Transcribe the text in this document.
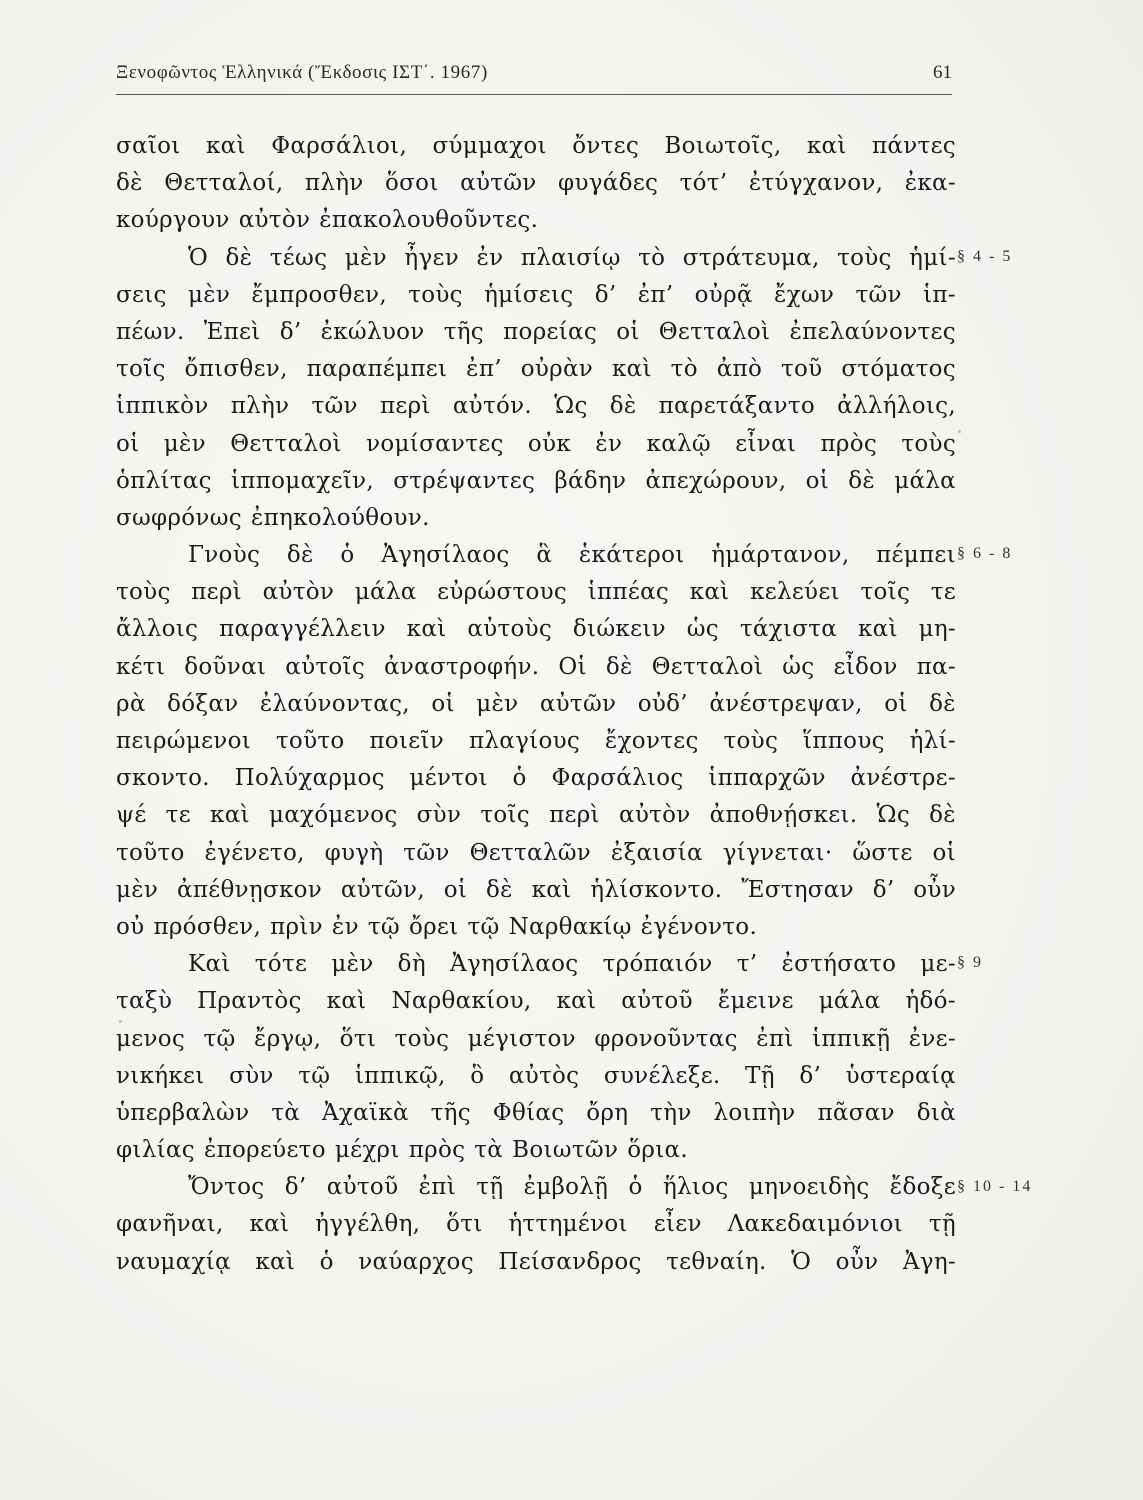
Ξενοφῶντος Ἑλληνικά (Ἔκδοσις ΙΣΤ΄. 1967)	61
σαῖοι καὶ Φαρσάλιοι, σύμμαχοι ὄντες Βοιωτοῖς, καὶ πάντες
δὲ Θετταλοί, πλὴν ὅσοι αὐτῶν φυγάδες τότ’ ἐτύγχανον, ἐκα-
κούργουν αὐτὸν ἐπακολουθοῦντες.
Ὁ δὲ τέως μὲν ἦγεν ἐν πλαισίῳ τὸ στράτευμα, τοὺς ἡμί-
σεις μὲν ἔμπροσθεν, τοὺς ἡμίσεις δ’ ἐπ’ οὐρᾷ ἔχων τῶν ἱπ-
πέων. Ἐπεὶ δ’ ἐκώλυον τῆς πορείας οἱ Θετταλοὶ ἐπελαύνοντες
τοῖς ὄπισθεν, παραπέμπει ἐπ’ οὐρὰν καὶ τὸ ἀπὸ τοῦ στόματος
ἱππικὸν πλὴν τῶν περὶ αὐτόν. Ὡς δὲ παρετάξαντο ἀλλήλοις,
οἱ μὲν Θετταλοὶ νομίσαντες οὐκ ἐν καλῷ εἶναι πρὸς τοὺς
ὁπλίτας ἱππομαχεῖν, στρέψαντες βάδην ἀπεχώρουν, οἱ δὲ μάλα
σωφρόνως ἐπηκολούθουν.
Γνοὺς δὲ ὁ Ἀγησίλαος ἃ ἑκάτεροι ἡμάρτανον, πέμπει
τοὺς περὶ αὐτὸν μάλα εὐρώστους ἱππέας καὶ κελεύει τοῖς τε
ἄλλοις παραγγέλλειν καὶ αὐτοὺς διώκειν ὡς τάχιστα καὶ μη-
κέτι δοῦναι αὐτοῖς ἀναστροφήν. Οἱ δὲ Θετταλοὶ ὡς εἶδον πα-
ρὰ δόξαν ἐλαύνοντας, οἱ μὲν αὐτῶν οὐδ’ ἀνέστρεψαν, οἱ δὲ
πειρώμενοι τοῦτο ποιεῖν πλαγίους ἔχοντες τοὺς ἵππους ἡλί-
σκοντο. Πολύχαρμος μέντοι ὁ Φαρσάλιος ἱππαρχῶν ἀνέστρε-
ψέ τε καὶ μαχόμενος σὺν τοῖς περὶ αὐτὸν ἀποθνῄσκει. Ὡς δὲ
τοῦτο ἐγένετο, φυγὴ τῶν Θετταλῶν ἐξαισία γίγνεται· ὥστε οἱ
μὲν ἀπέθνῃσκον αὐτῶν, οἱ δὲ καὶ ἡλίσκοντο. Ἔστησαν δ’ οὖν
οὐ πρόσθεν, πρὶν ἐν τῷ ὄρει τῷ Ναρθακίῳ ἐγένοντο.
Καὶ τότε μὲν δὴ Ἀγησίλαος τρόπαιόν τ’ ἐστήσατο με-
ταξὺ Πραντὸς καὶ Ναρθακίου, καὶ αὐτοῦ ἔμεινε μάλα ἡδό-
μενος τῷ ἔργῳ, ὅτι τοὺς μέγιστον φρονοῦντας ἐπὶ ἱππικῇ ἐνε-
νικήκει σὺν τῷ ἱππικῷ, ὃ αὐτὸς συνέλεξε. Τῇ δ’ ὑστεραίᾳ
ὑπερβαλὼν τὰ Ἀχαϊκὰ τῆς Φθίας ὄρη τὴν λοιπὴν πᾶσαν διὰ
φιλίας ἐπορεύετο μέχρι πρὸς τὰ Βοιωτῶν ὅρια.
Ὄντος δ’ αὐτοῦ ἐπὶ τῇ ἐμβολῇ ὁ ἥλιος μηνοειδὴς ἔδοξε
φανῆναι, καὶ ἠγγέλθη, ὅτι ἡττημένοι εἶεν Λακεδαιμόνιοι τῇ
ναυμαχίᾳ καὶ ὁ ναύαρχος Πείσανδρος τεθναίη. Ὁ οὖν Ἀγη-
§ 4 - 5
§ 6 - 8
§ 9
§ 10 - 14
